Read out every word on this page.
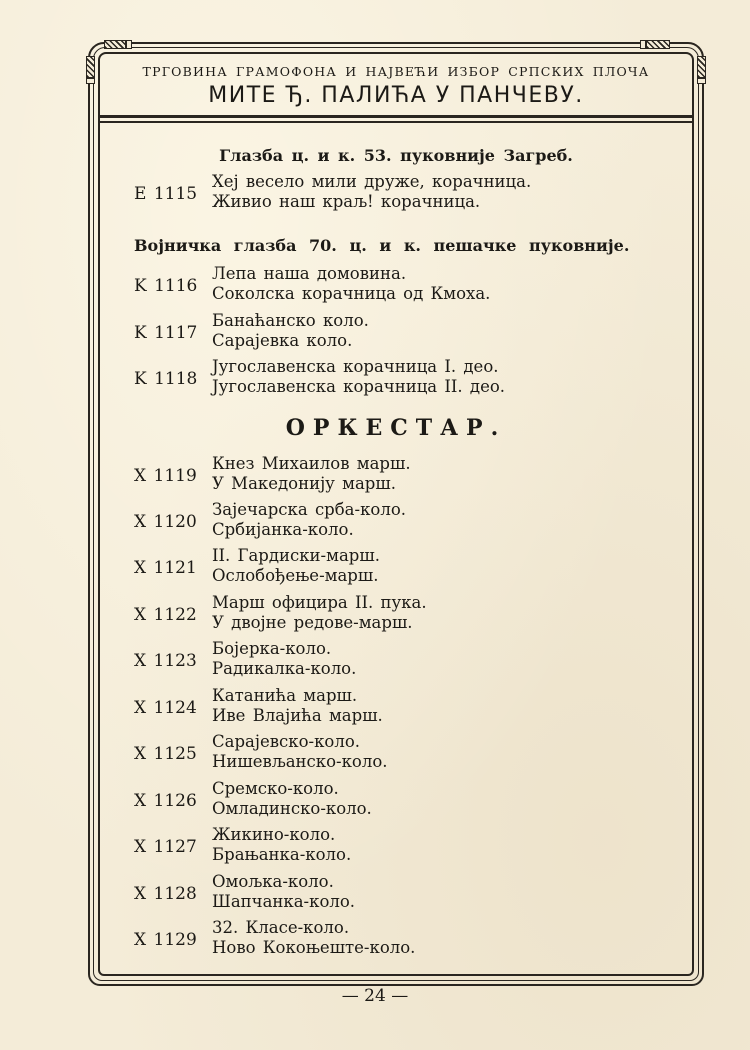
ТРГОВИНА ГРАМОФОНА И НАЈВЕЋИ ИЗБОР СРПСКИХ ПЛОЧА
МИТЕ Ђ. ПАЛИЋА У ПАНЧЕВУ.
Глазба ц. и к. 53. пуковније Загреб.
E 1115
Хеј весело мили друже, корачница.
Живио наш краљ! корачница.
Војничка глазба 70. ц. и к. пешачке пуковније.
K 1116
Лепа наша домовина.
Соколска корачница од Кмоха.
K 1117
Банаћанско коло.
Сарајевка коло.
K 1118
Југославенска корачница I. део.
Југославенска корачница II. део.
ОРКЕСТАР.
X 1119
Кнез Михаилов марш.
У Македонију марш.
X 1120
Зајечарска срба-коло.
Србијанка-коло.
X 1121
II. Гардиски-марш.
Ослобођење-марш.
X 1122
Марш официра II. пука.
У двојне редове-марш.
X 1123
Бојерка-коло.
Радикалка-коло.
X 1124
Катанића марш.
Иве Влајића марш.
X 1125
Сарајевско-коло.
Нишевљанско-коло.
X 1126
Сремско-коло.
Омладинско-коло.
X 1127
Жикино-коло.
Брањанка-коло.
X 1128
Омољка-коло.
Шапчанка-коло.
X 1129
32. Класе-коло.
Ново Кокоњеште-коло.
— 24 —
